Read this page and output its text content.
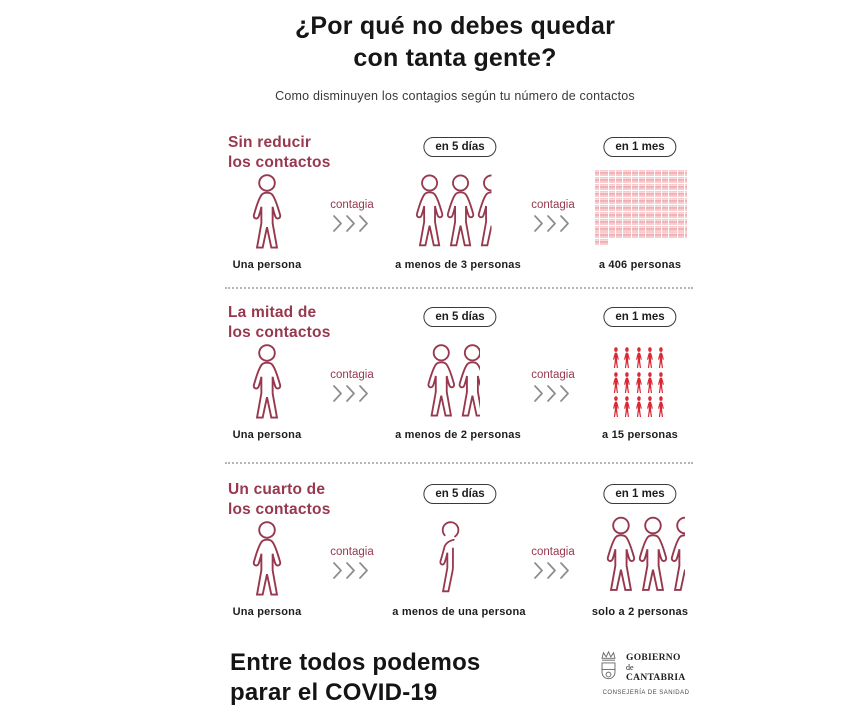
¿Por qué no debes quedar
con tanta gente?

Como disminuyen los contagios según tu número de contactos

Sin reducir
los contactos
en 5 días	en 1 mes
Una persona
contagia
a menos de 3 personas
contagia
a 406 personas
La mitad de
los contactos
en 5 días	en 1 mes
Una persona
contagia
a menos de 2 personas
contagia
a 15 personas
Un cuarto de
los contactos
en 5 días	en 1 mes
Una persona
contagia
a menos de una persona
contagia
solo a 2 personas
Entre todos podemos
parar el COVID-19
GOBIERNO
de
CANTABRIA
CONSEJERÍA DE SANIDAD
